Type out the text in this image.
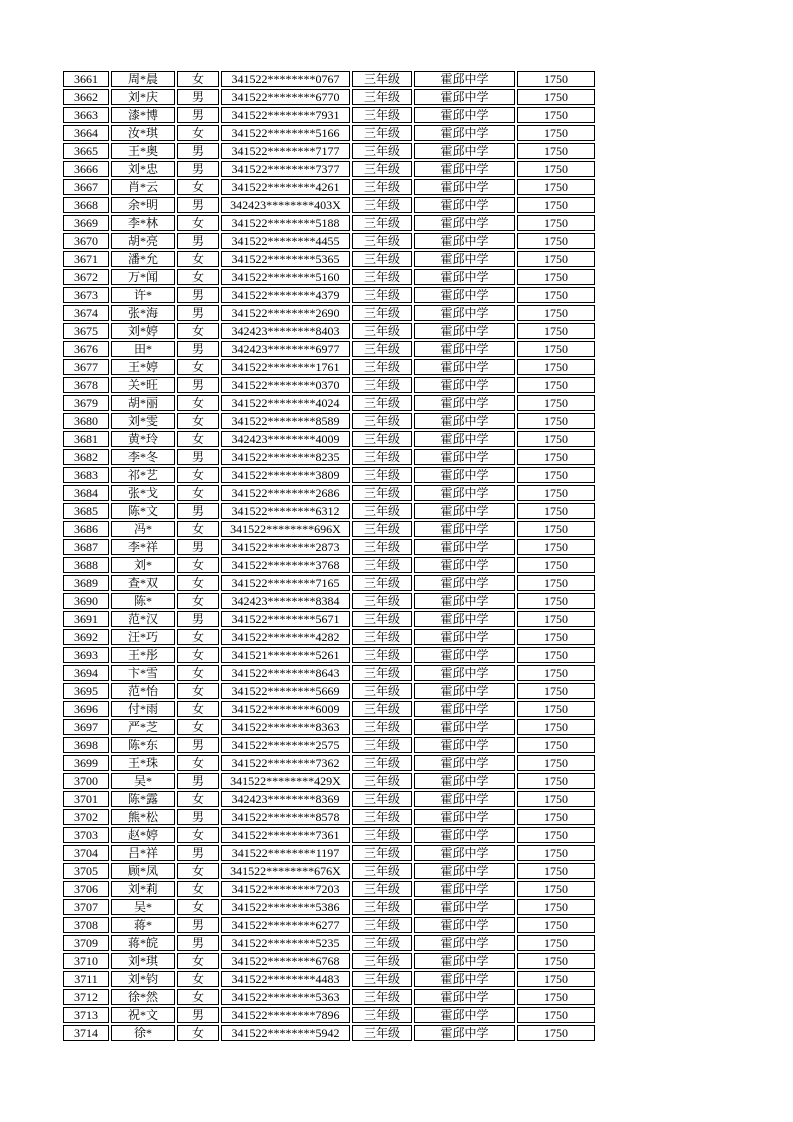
3661	周*晨	女	341522********0767	三年级	霍邱中学	1750
3662	刘*庆	男	341522********6770	三年级	霍邱中学	1750
3663	漆*博	男	341522********7931	三年级	霍邱中学	1750
3664	汝*琪	女	341522********5166	三年级	霍邱中学	1750
3665	王*奥	男	341522********7177	三年级	霍邱中学	1750
3666	刘*忠	男	341522********7377	三年级	霍邱中学	1750
3667	肖*云	女	341522********4261	三年级	霍邱中学	1750
3668	余*明	男	342423********403X	三年级	霍邱中学	1750
3669	李*林	女	341522********5188	三年级	霍邱中学	1750
3670	胡*亮	男	341522********4455	三年级	霍邱中学	1750
3671	潘*允	女	341522********5365	三年级	霍邱中学	1750
3672	万*闻	女	341522********5160	三年级	霍邱中学	1750
3673	许*	男	341522********4379	三年级	霍邱中学	1750
3674	张*海	男	341522********2690	三年级	霍邱中学	1750
3675	刘*婷	女	342423********8403	三年级	霍邱中学	1750
3676	田*	男	342423********6977	三年级	霍邱中学	1750
3677	王*婷	女	341522********1761	三年级	霍邱中学	1750
3678	关*旺	男	341522********0370	三年级	霍邱中学	1750
3679	胡*丽	女	341522********4024	三年级	霍邱中学	1750
3680	刘*雯	女	341522********8589	三年级	霍邱中学	1750
3681	黄*玲	女	342423********4009	三年级	霍邱中学	1750
3682	李*冬	男	341522********8235	三年级	霍邱中学	1750
3683	祁*艺	女	341522********3809	三年级	霍邱中学	1750
3684	张*戈	女	341522********2686	三年级	霍邱中学	1750
3685	陈*文	男	341522********6312	三年级	霍邱中学	1750
3686	冯*	女	341522********696X	三年级	霍邱中学	1750
3687	李*祥	男	341522********2873	三年级	霍邱中学	1750
3688	刘*	女	341522********3768	三年级	霍邱中学	1750
3689	查*双	女	341522********7165	三年级	霍邱中学	1750
3690	陈*	女	342423********8384	三年级	霍邱中学	1750
3691	范*汉	男	341522********5671	三年级	霍邱中学	1750
3692	汪*巧	女	341522********4282	三年级	霍邱中学	1750
3693	王*彤	女	341521********5261	三年级	霍邱中学	1750
3694	卞*雪	女	341522********8643	三年级	霍邱中学	1750
3695	范*怡	女	341522********5669	三年级	霍邱中学	1750
3696	付*雨	女	341522********6009	三年级	霍邱中学	1750
3697	严*芝	女	341522********8363	三年级	霍邱中学	1750
3698	陈*东	男	341522********2575	三年级	霍邱中学	1750
3699	王*珠	女	341522********7362	三年级	霍邱中学	1750
3700	吴*	男	341522********429X	三年级	霍邱中学	1750
3701	陈*露	女	342423********8369	三年级	霍邱中学	1750
3702	熊*松	男	341522********8578	三年级	霍邱中学	1750
3703	赵*婷	女	341522********7361	三年级	霍邱中学	1750
3704	吕*祥	男	341522********1197	三年级	霍邱中学	1750
3705	顾*凤	女	341522********676X	三年级	霍邱中学	1750
3706	刘*莉	女	341522********7203	三年级	霍邱中学	1750
3707	吴*	女	341522********5386	三年级	霍邱中学	1750
3708	蒋*	男	341522********6277	三年级	霍邱中学	1750
3709	蒋*皖	男	341522********5235	三年级	霍邱中学	1750
3710	刘*琪	女	341522********6768	三年级	霍邱中学	1750
3711	刘*钧	女	341522********4483	三年级	霍邱中学	1750
3712	徐*然	女	341522********5363	三年级	霍邱中学	1750
3713	祝*文	男	341522********7896	三年级	霍邱中学	1750
3714	徐*	女	341522********5942	三年级	霍邱中学	1750
